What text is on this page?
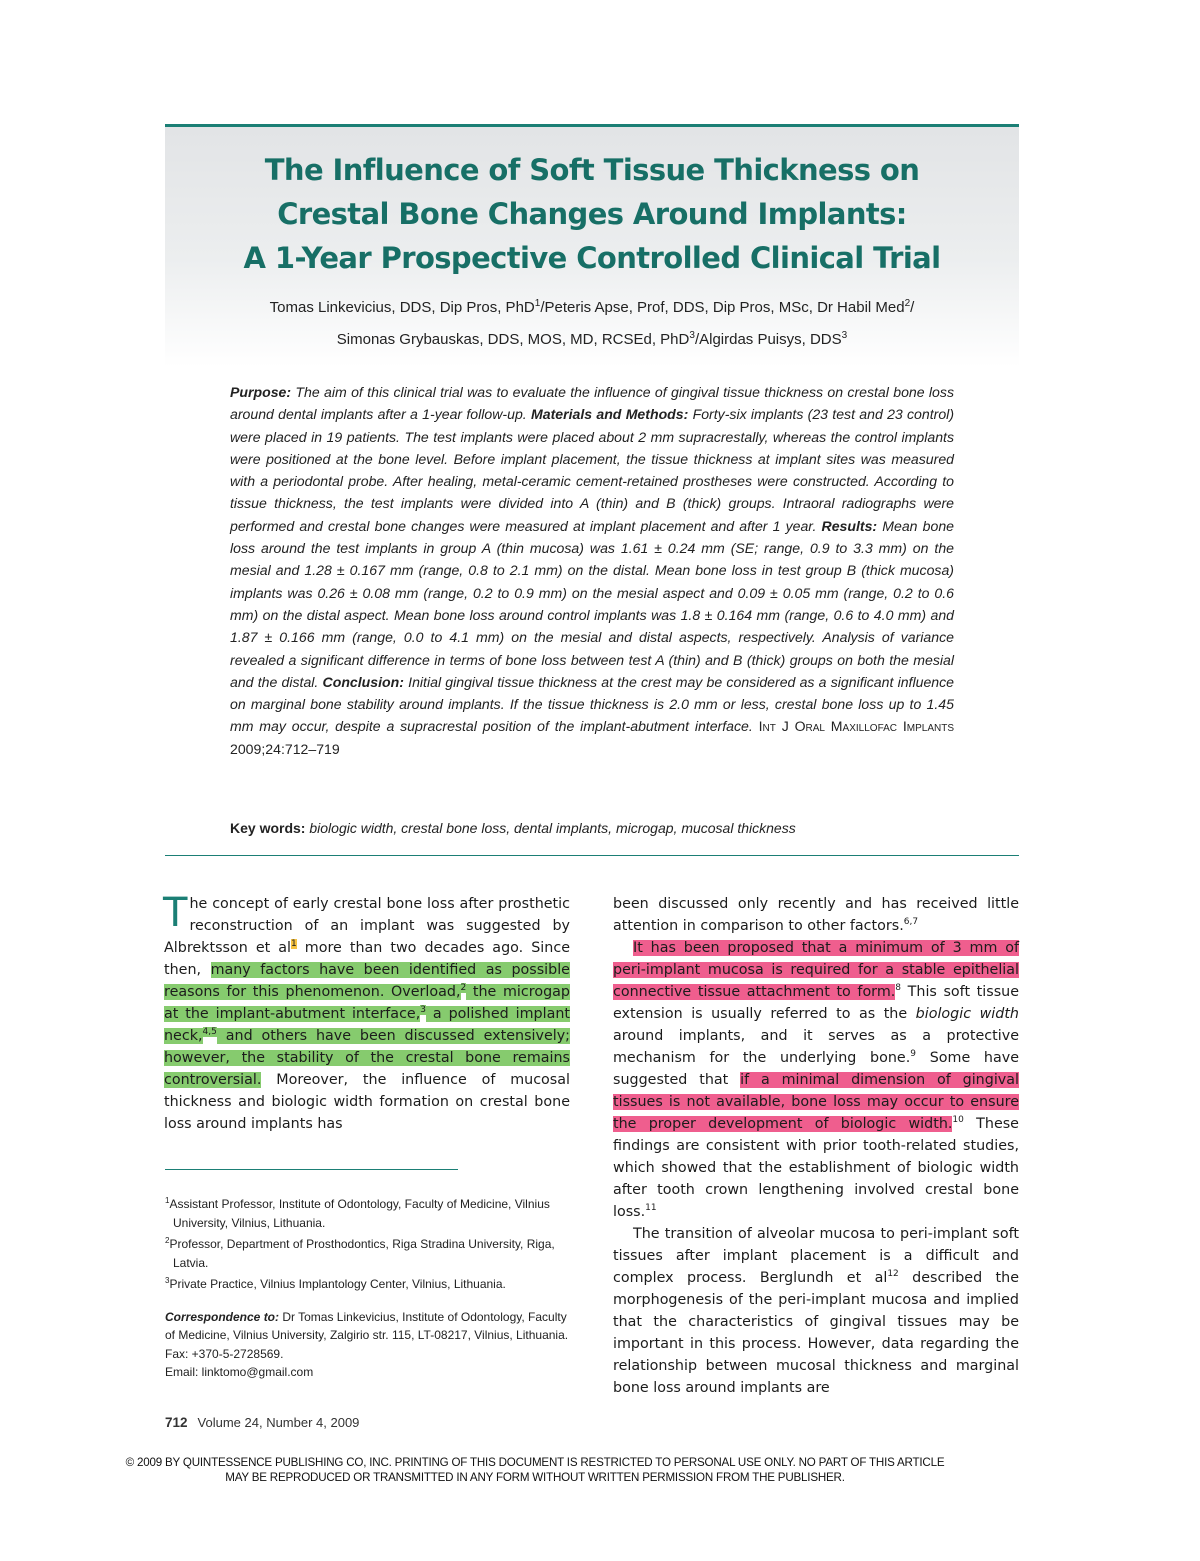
The Influence of Soft Tissue Thickness on
Crestal Bone Changes Around Implants:
A 1-Year Prospective Controlled Clinical Trial
Tomas Linkevicius, DDS, Dip Pros, PhD$^1$/Peteris Apse, Prof, DDS, Dip Pros, MSc, Dr Habil Med$^2$/
Simonas Grybauskas, DDS, MOS, MD, RCSEd, PhD$^3$/Algirdas Puisys, DDS$^3$

Purpose: The aim of this clinical trial was to evaluate the influence of gingival tissue thickness on crestal bone loss around dental implants after a 1-year follow-up. Materials and Methods: Forty-six implants (23 test and 23 control) were placed in 19 patients. The test implants were placed about 2 mm supracrestally, whereas the control implants were positioned at the bone level. Before implant placement, the tissue thickness at implant sites was measured with a periodontal probe. After healing, metal-ceramic cement-retained prostheses were constructed. According to tissue thickness, the test implants were divided into A (thin) and B (thick) groups. Intraoral radiographs were performed and crestal bone changes were measured at implant placement and after 1 year. Results: Mean bone loss around the test implants in group A (thin mucosa) was 1.61 ± 0.24 mm (SE; range, 0.9 to 3.3 mm) on the mesial and 1.28 ± 0.167 mm (range, 0.8 to 2.1 mm) on the distal. Mean bone loss in test group B (thick mucosa) implants was 0.26 ± 0.08 mm (range, 0.2 to 0.9 mm) on the mesial aspect and 0.09 ± 0.05 mm (range, 0.2 to 0.6 mm) on the distal aspect. Mean bone loss around control implants was 1.8 ± 0.164 mm (range, 0.6 to 4.0 mm) and 1.87 ± 0.166 mm (range, 0.0 to 4.1 mm) on the mesial and distal aspects, respectively. Analysis of variance revealed a significant difference in terms of bone loss between test A (thin) and B (thick) groups on both the mesial and the distal. Conclusion: Initial gingival tissue thickness at the crest may be considered as a significant influence on marginal bone stability around implants. If the tissue thickness is 2.0 mm or less, crestal bone loss up to 1.45 mm may occur, despite a supracrestal position of the implant-abutment interface. Int J Oral Maxillofac Implants 2009;24:712–719

Key words: biologic width, crestal bone loss, dental implants, microgap, mucosal thickness

The concept of early crestal bone loss after prosthetic reconstruction of an implant was suggested by Albrektsson et $al^1$ more than two decades ago. Since then, many factors have been identified as possible reasons for this phenomenon. Overload,$^2$ the microgap at the implant-abutment interface,$^3$ a polished implant neck,$^{4,5}$ and others have been discussed extensively; however, the stability of the crestal bone remains controversial. Moreover, the influence of mucosal thickness and biologic width formation on crestal bone loss around implants has

$^1$Assistant Professor, Institute of Odontology, Faculty of Medicine, Vilnius University, Vilnius, Lithuania.

$^2$Professor, Department of Prosthodontics, Riga Stradina University, Riga, Latvia.

$^3$Private Practice, Vilnius Implantology Center, Vilnius, Lithuania.

Correspondence to: Dr Tomas Linkevicius, Institute of Odontology, Faculty of Medicine, Vilnius University, Zalgirio str. 115, LT-08217, Vilnius, Lithuania. Fax: +370-5-2728569.

Email: linktomo@gmail.com

been discussed only recently and has received little attention in comparison to other factors.$^{6,7}$

It has been proposed that a minimum of 3 mm of peri-implant mucosa is required for a stable epithelial connective tissue attachment to form.$^8$ This soft tissue extension is usually referred to as the biologic width around implants, and it serves as a protective mechanism for the underlying bone.$^9$ Some have suggested that if a minimal dimension of gingival tissues is not available, bone loss may occur to ensure the proper development of biologic width.$^{10}$ These findings are consistent with prior tooth-related studies, which showed that the establishment of biologic width after tooth crown lengthening involved crestal bone loss.$^{11}$

The transition of alveolar mucosa to peri-implant soft tissues after implant placement is a difficult and complex process. Berglundh et $al^{12}$ described the morphogenesis of the peri-implant mucosa and implied that the characteristics of gingival tissues may be important in this process. However, data regarding the relationship between mucosal thickness and marginal bone loss around implants are

712 Volume 24, Number 4, 2009
© 2009 BY QUINTESSENCE PUBLISHING CO, INC. PRINTING OF THIS DOCUMENT IS RESTRICTED TO PERSONAL USE ONLY. NO PART OF THIS ARTICLE
MAY BE REPRODUCED OR TRANSMITTED IN ANY FORM WITHOUT WRITTEN PERMISSION FROM THE PUBLISHER.
